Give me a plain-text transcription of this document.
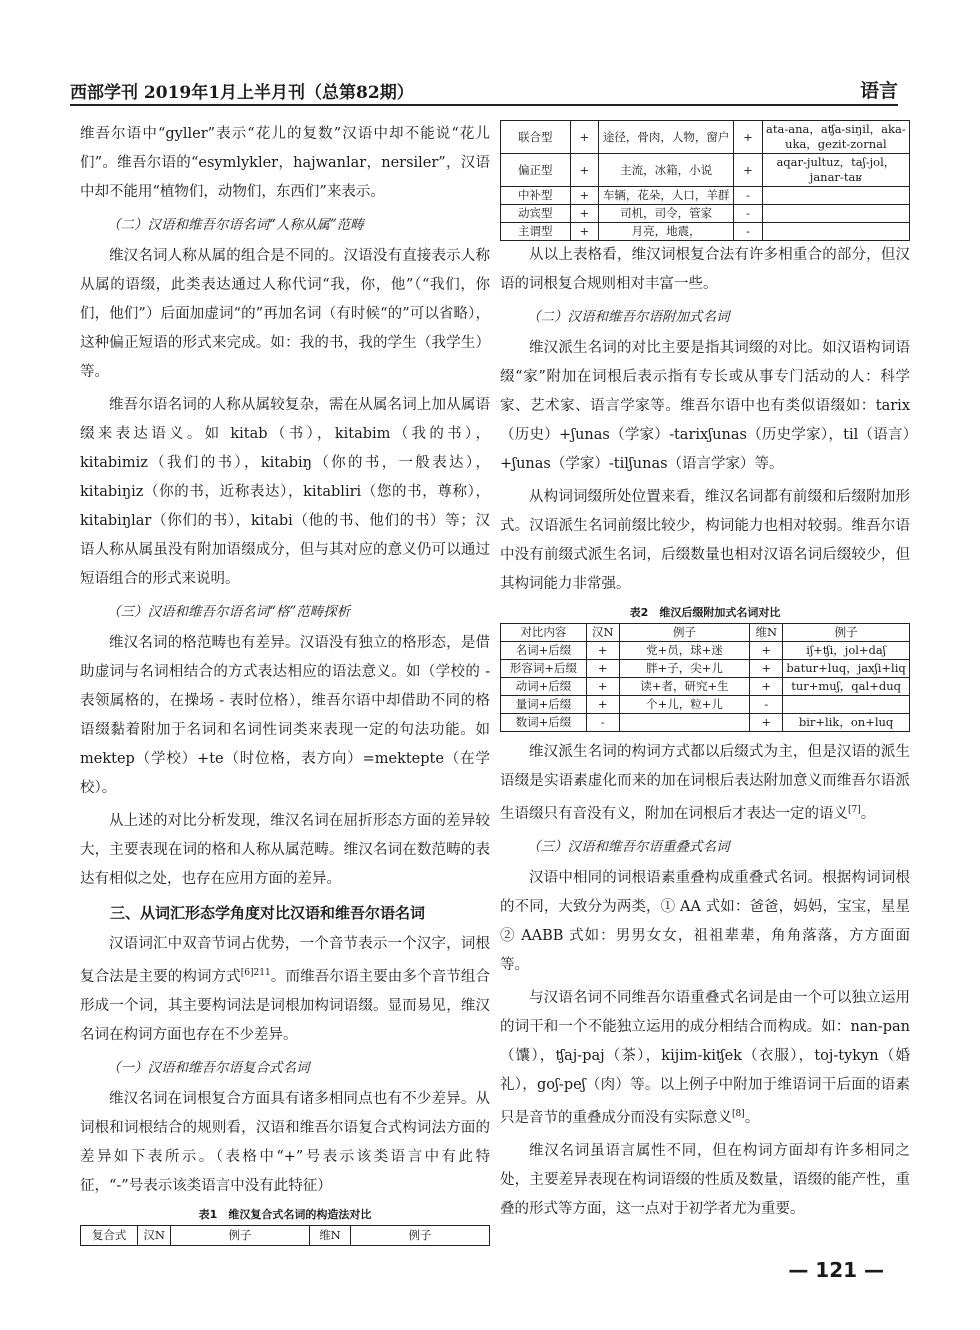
西部学刊 2019年1月上半月刊（总第82期）	语言

维吾尔语中“gyller”表示“花儿的复数”汉语中却不能说“花儿们”。维吾尔语的“esymlykler，hajwanlar，nersiler”，汉语中却不能用“植物们，动物们，东西们”来表示。

（二）汉语和维吾尔语名词“人称从属”范畴

维汉名词人称从属的组合是不同的。汉语没有直接表示人称从属的语缀，此类表达通过人称代词“我，你，他”（“我们，你们，他们”）后面加虚词“的”再加名词（有时候“的”可以省略），这种偏正短语的形式来完成。如：我的书，我的学生（我学生）等。

维吾尔语名词的人称从属较复杂，需在从属名词上加从属语缀来表达语义。如 kitab（书），kitabim（我的书），kitabimiz（我们的书），kitabiŋ（你的书，一般表达），kitabiŋiz（你的书，近称表达），kitabliri（您的书，尊称），kitabiŋlar（你们的书），kitabi（他的书、他们的书）等；汉语人称从属虽没有附加语缀成分，但与其对应的意义仍可以通过短语组合的形式来说明。

（三）汉语和维吾尔语名词“格”范畴探析

维汉名词的格范畴也有差异。汉语没有独立的格形态，是借助虚词与名词相结合的方式表达相应的语法意义。如（学校的 - 表领属格的，在操场 - 表时位格），维吾尔语中却借助不同的格语缀黏着附加于名词和名词性词类来表现一定的句法功能。如 mektep（学校）+te（时位格，表方向）=mektepte（在学校）。

从上述的对比分析发现，维汉名词在屈折形态方面的差异较大，主要表现在词的格和人称从属范畴。维汉名词在数范畴的表达有相似之处，也存在应用方面的差异。

三、从词汇形态学角度对比汉语和维吾尔语名词

汉语词汇中双音节词占优势，一个音节表示一个汉字，词根复合法是主要的构词方式$^{[6]211}$。而维吾尔语主要由多个音节组合形成一个词，其主要构词法是词根加构词语缀。显而易见，维汉名词在构词方面也存在不少差异。

（一）汉语和维吾尔语复合式名词

维汉名词在词根复合方面具有诸多相同点也有不少差异。从词根和词根结合的规则看，汉语和维吾尔语复合式构词法方面的差异如下表所示。（表格中“+”号表示该类语言中有此特征，“-”号表示该类语言中没有此特征）

表1　维汉复合式名词的构造法对比
复合式	汉N	例子	维N	例子
联合型	+	途径，骨肉，人物，窗户	+	ata-ana，aʧa-siŋil，aka-uka，gezit-zornal
偏正型	+	主流，冰箱，小说	+	aqar-jultuz，taʃ-jol，janar-taʁ
中补型	+	车辆，花朵，人口，羊群	-	
动宾型	+	司机，司令，管家	-	
主谓型	+	月亮，地震，	-	

从以上表格看，维汉词根复合法有许多相重合的部分，但汉语的词根复合规则相对丰富一些。

（二）汉语和维吾尔语附加式名词

维汉派生名词的对比主要是指其词缀的对比。如汉语构词语缀“家”附加在词根后表示指有专长或从事专门活动的人：科学家、艺术家、语言学家等。维吾尔语中也有类似语缀如：tarix（历史）+ʃunas（学家）-tarixʃunas（历史学家），til（语言）+ʃunas（学家）-tilʃunas（语言学家）等。

从构词词缀所处位置来看，维汉名词都有前缀和后缀附加形式。汉语派生名词前缀比较少，构词能力也相对较弱。维吾尔语中没有前缀式派生名词，后缀数量也相对汉语名词后缀较少，但其构词能力非常强。

表2　维汉后缀附加式名词对比
对比内容	汉N	例子	维N	例子
名词+后缀	+	党+员，球+迷	+	iʃ+ʧi，jol+daʃ
形容词+后缀	+	胖+子，尖+儿	+	batur+luq，jaxʃi+liq
动词+后缀	+	读+者，研究+生	+	tur+muʃ，qal+duq
量词+后缀	+	个+儿，粒+儿	-	
数词+后缀	-		+	bir+lik，on+luq

维汉派生名词的构词方式都以后缀式为主，但是汉语的派生语缀是实语素虚化而来的加在词根后表达附加意义而维吾尔语派生语缀只有音没有义，附加在词根后才表达一定的语义[7]。

（三）汉语和维吾尔语重叠式名词

汉语中相同的词根语素重叠构成重叠式名词。根据构词词根的不同，大致分为两类，① AA 式如：爸爸，妈妈，宝宝，星星② AABB 式如：男男女女，祖祖辈辈，角角落落，方方面面等。

与汉语名词不同维吾尔语重叠式名词是由一个可以独立运用的词干和一个不能独立运用的成分相结合而构成。如：nan-pan（馕），ʧaj-paj（茶），kijim-kiʧek（衣服），toj-tykyn（婚礼），goʃ-peʃ（肉）等。以上例子中附加于维语词干后面的语素只是音节的重叠成分而没有实际意义[8]。

维汉名词虽语言属性不同，但在构词方面却有许多相同之处，主要差异表现在构词语缀的性质及数量，语缀的能产性，重叠的形式等方面，这一点对于初学者尤为重要。

— 121 —
